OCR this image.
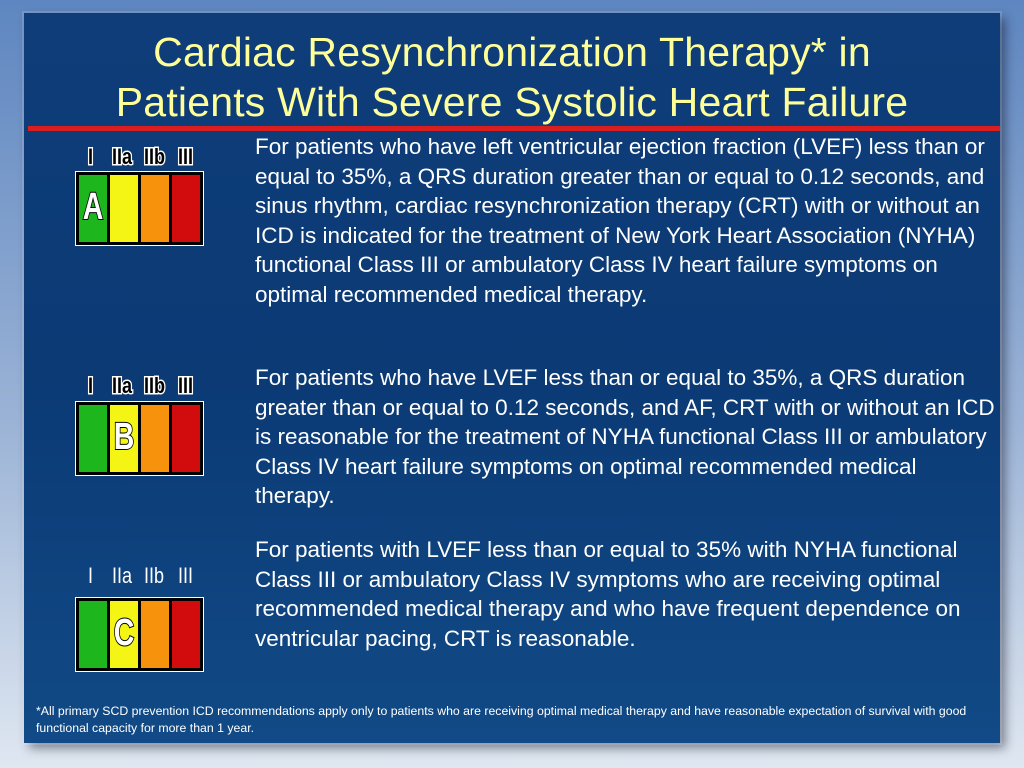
Cardiac Resynchronization Therapy* in
Patients With Severe Systolic Heart Failure
I IIa IIb III
A
For patients who have left ventricular ejection fraction (LVEF) less than or equal to 35%, a QRS duration greater than or equal to 0.12 seconds, and sinus rhythm, cardiac resynchronization therapy (CRT) with or without an ICD is indicated for the treatment of New York Heart Association (NYHA) functional Class III or ambulatory Class IV heart failure symptoms on optimal recommended medical therapy.
I IIa IIb III
B
For patients who have LVEF less than or equal to 35%, a QRS duration greater than or equal to 0.12 seconds, and AF, CRT with or without an ICD is reasonable for the treatment of NYHA functional Class III or ambulatory Class IV heart failure symptoms on optimal recommended medical therapy.
I IIa IIb III
C
For patients with LVEF less than or equal to 35% with NYHA functional Class III or ambulatory Class IV symptoms who are receiving optimal recommended medical therapy and who have frequent dependence on ventricular pacing, CRT is reasonable.
*All primary SCD prevention ICD recommendations apply only to patients who are receiving optimal medical therapy and have reasonable expectation of survival with good functional capacity for more than 1 year.
